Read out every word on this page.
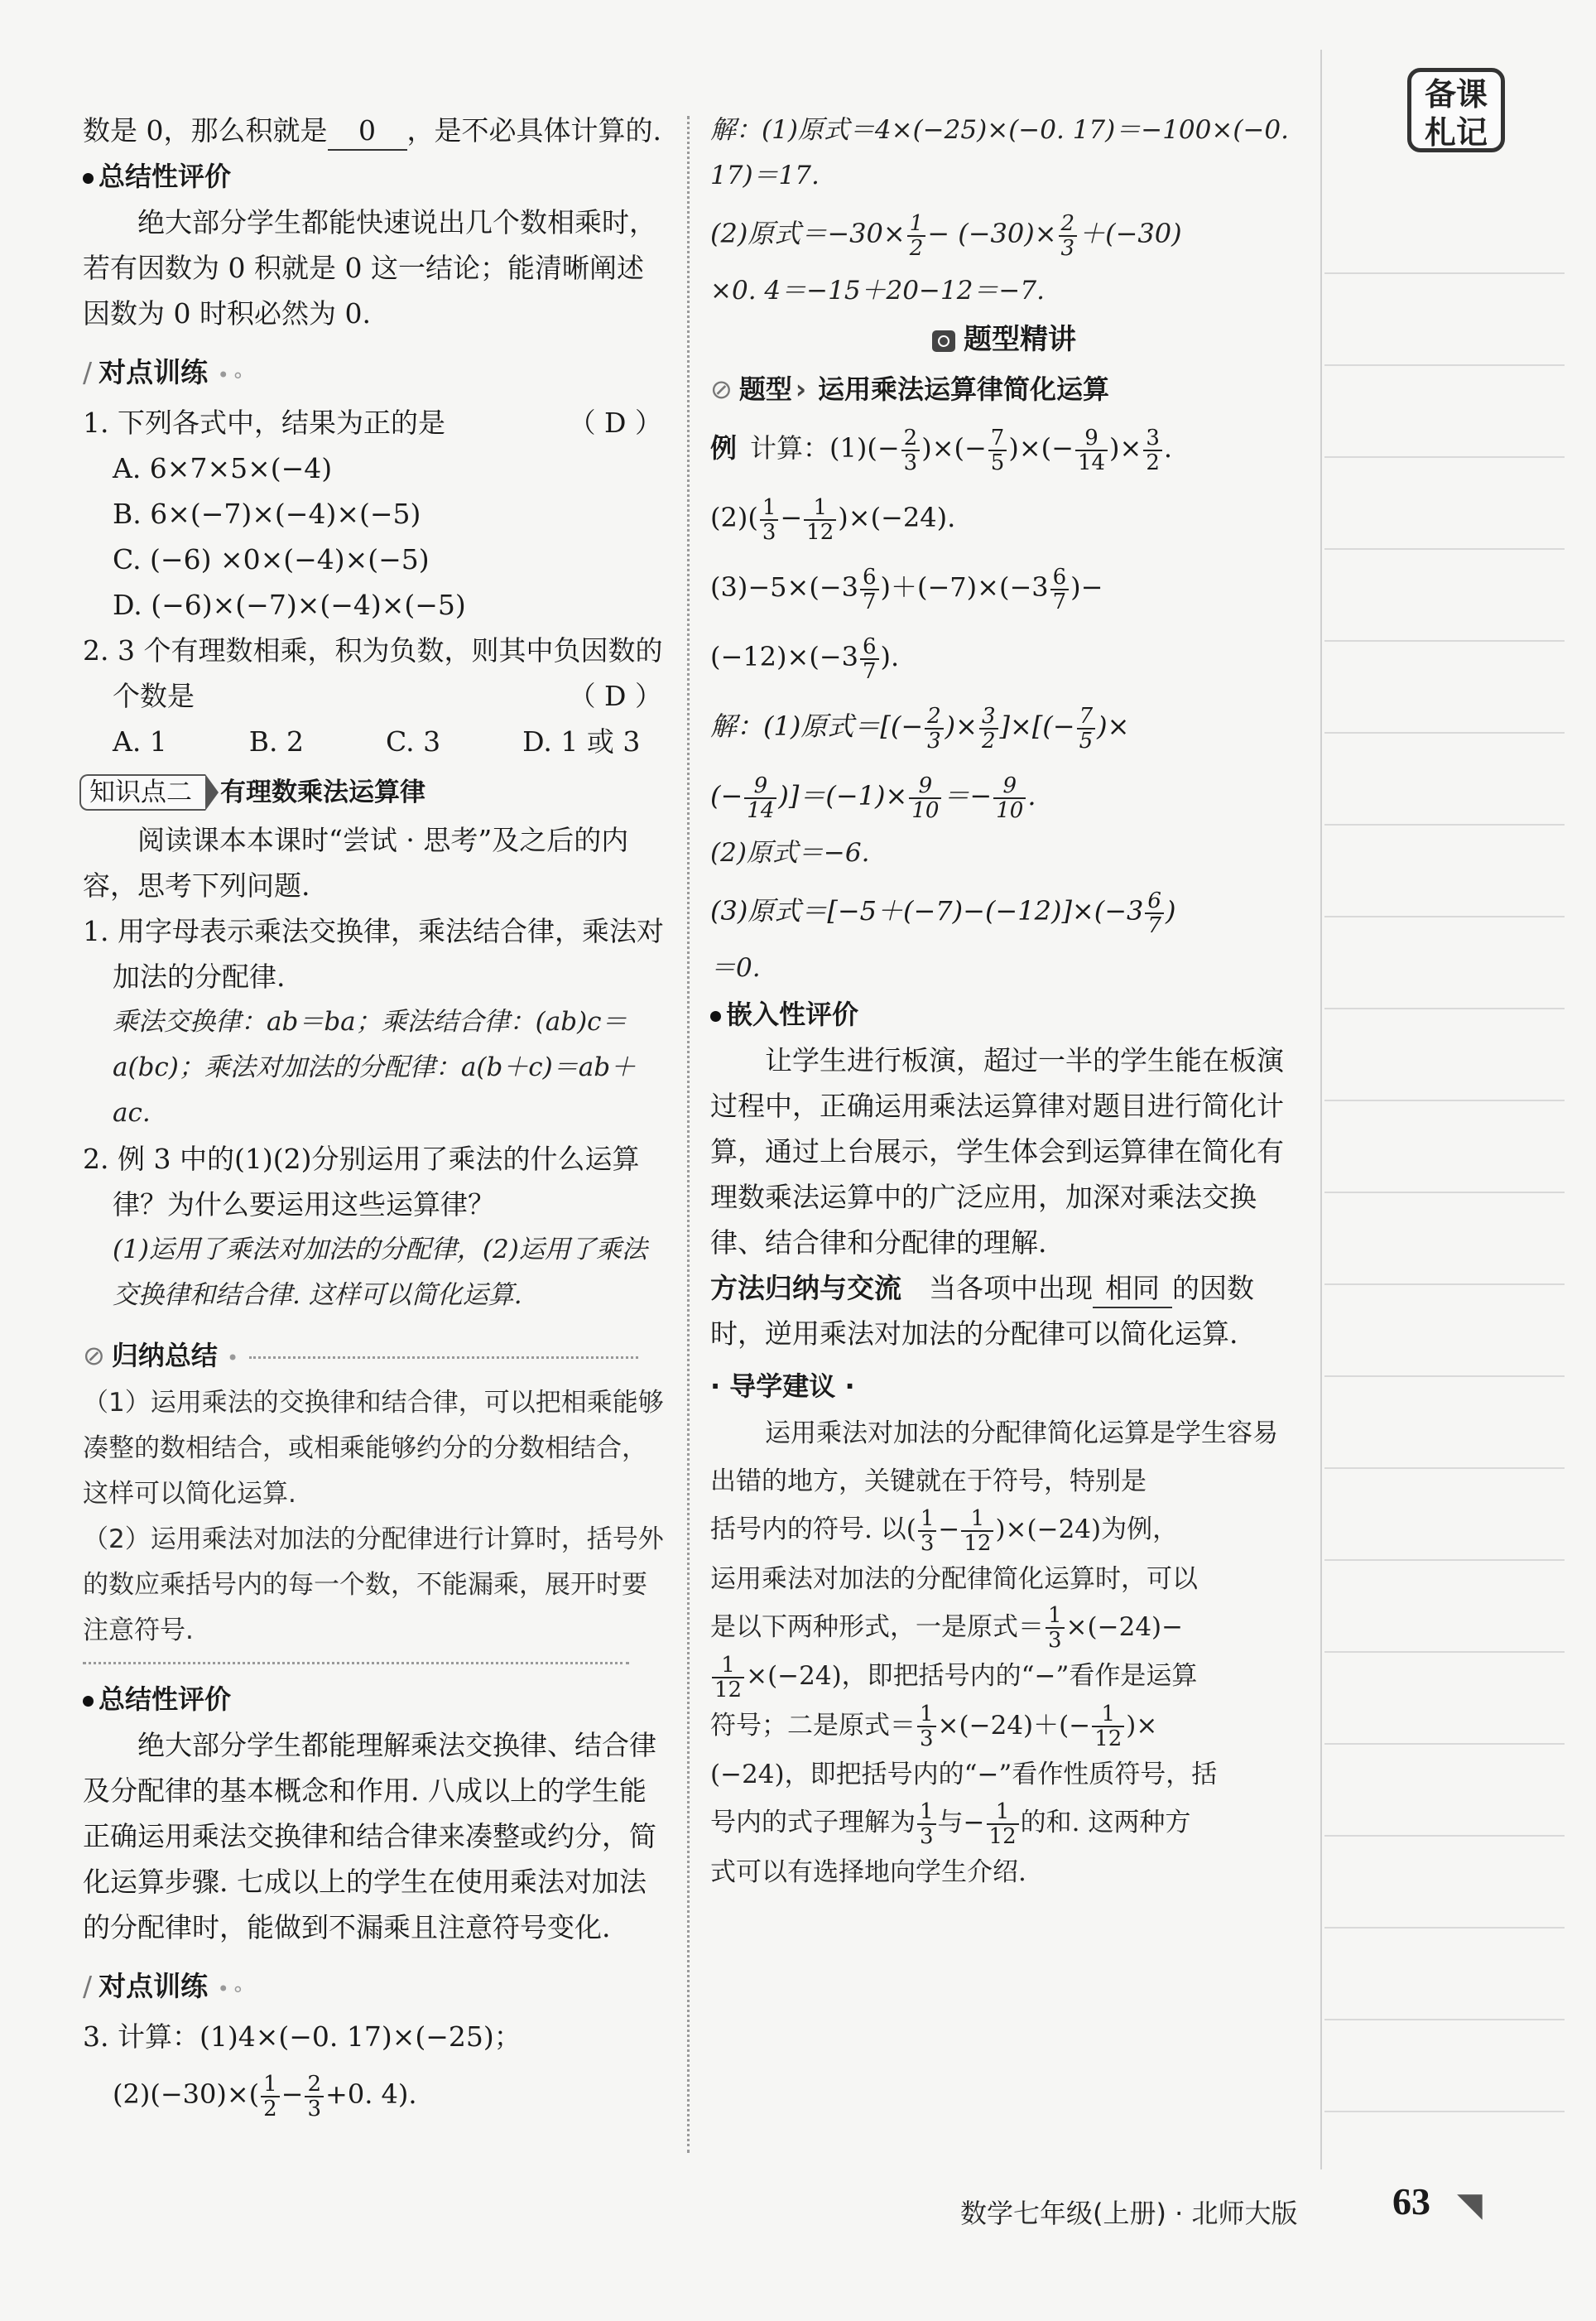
备课札记

数是 0，那么积就是 0 ，是不必具体计算的.

总结性评价

绝大部分学生都能快速说出几个数相乘时，若有因数为 0 积就是 0 这一结论；能清晰阐述因数为 0 时积必然为 0.

∕ 对点训练 •∘

1. 下列各式中，结果为正的是	（ D ）

A. 6×7×5×(−4)

B. 6×(−7)×(−4)×(−5)

C. (−6) ×0×(−4)×(−5)

D. (−6)×(−7)×(−4)×(−5)

2. 3 个有理数相乘，积为负数，则其中负因数的

个数是	（ D ）

A. 1　　　B. 2　　　C. 3　　　D. 1 或 3

知识点二 有理数乘法运算律

阅读课本本课时“尝试 · 思考”及之后的内容，思考下列问题.

1. 用字母表示乘法交换律，乘法结合律，乘法对加法的分配律.

乘法交换律：ab＝ba；乘法结合律：(ab)c＝a(bc)；乘法对加法的分配律：a(b＋c)＝ab＋ac.

2. 例 3 中的(1)(2)分别运用了乘法的什么运算律？为什么要运用这些运算律？

(1)运用了乘法对加法的分配律，(2)运用了乘法交换律和结合律. 这样可以简化运算.

⊘ 归纳总结 •

（1）运用乘法的交换律和结合律，可以把相乘能够凑整的数相结合，或相乘能够约分的分数相结合，这样可以简化运算.

（2）运用乘法对加法的分配律进行计算时，括号外的数应乘括号内的每一个数，不能漏乘，展开时要注意符号.

总结性评价

绝大部分学生都能理解乘法交换律、结合律及分配律的基本概念和作用. 八成以上的学生能正确运用乘法交换律和结合律来凑整或约分，简化运算步骤. 七成以上的学生在使用乘法对加法的分配律时，能做到不漏乘且注意符号变化.

∕ 对点训练 •∘

3. 计算：(1)4×(−0. 17)×(−25)；

$(2)(-30)\times( \frac{1}{2} - \frac{2}{3} +0$. 4).

解：(1)原式＝4×(−25)×(−0. 17)＝−100×(−0. 17)＝17.

(2)原式$=-30\times \frac{1}{2} - (-30)\times \frac{2}{3} +(-30)$

×0. 4＝−15＋20−12＝−7.

题型精讲
⊘ 题型 › 运用乘法运算律简化运算

例 计算：$(1)(- \frac{2}{3}$ )×(− $\frac{7}{5}$ )×(− $\frac{9}{14}$ )× $\frac{3}{2}$ .

$(2)( \frac{1}{3} - \frac{1}{12} )\times(-24)$.

$(3)-5\times(-3 \frac{6}{7} )+(-7)\times(-3 \frac{6}{7}$ )−

$(-12)\times(-3 \frac{6}{7}$ ).

解：(1)原式＝[(− $\frac{2}{3}$ )× $\frac{3}{2}$ ]×[(− $\frac{7}{5}$ )×

(− $\frac{9}{14} )]=(-1)\times \frac{9}{10} =- \frac{9}{10}$ .

(2)原式＝−6.

(3)原式$=[-5+(-7)-(-12)]\times(-3 \frac{6}{7}$ )

＝0.

嵌入性评价

让学生进行板演，超过一半的学生能在板演过程中，正确运用乘法运算律对题目进行简化计算，通过上台展示，学生体会到运算律在简化有理数乘法运算中的广泛应用，加深对乘法交换律、结合律和分配律的理解.

方法归纳与交流　 当各项中出现 相同 的因数时，逆用乘法对加法的分配律可以简化运算.

· 导学建议 ·

运用乘法对加法的分配律简化运算是学生容易出错的地方，关键就在于符号，特别是

括号内的符号. 以( $\frac{1}{3} - \frac{1}{12} )\times(-24)$为例，

运用乘法对加法的分配律简化运算时，可以

是以下两种形式，一是原式＝ $\frac{1}{3} \times(-24)-$

$\frac{1}{12} \times(-24)$，即把括号内的“−”看作是运算

符号；二是原式＝ $\frac{1}{3} \times(-24)+(- \frac{1}{12}$ )×

(−24)，即把括号内的“−”看作性质符号，括

号内的式子理解为 $\frac{1}{3}$ 与− $\frac{1}{12}$ 的和. 这两种方

式可以有选择地向学生介绍.

数学七年级(上册) · 北师大版 63 ◥
